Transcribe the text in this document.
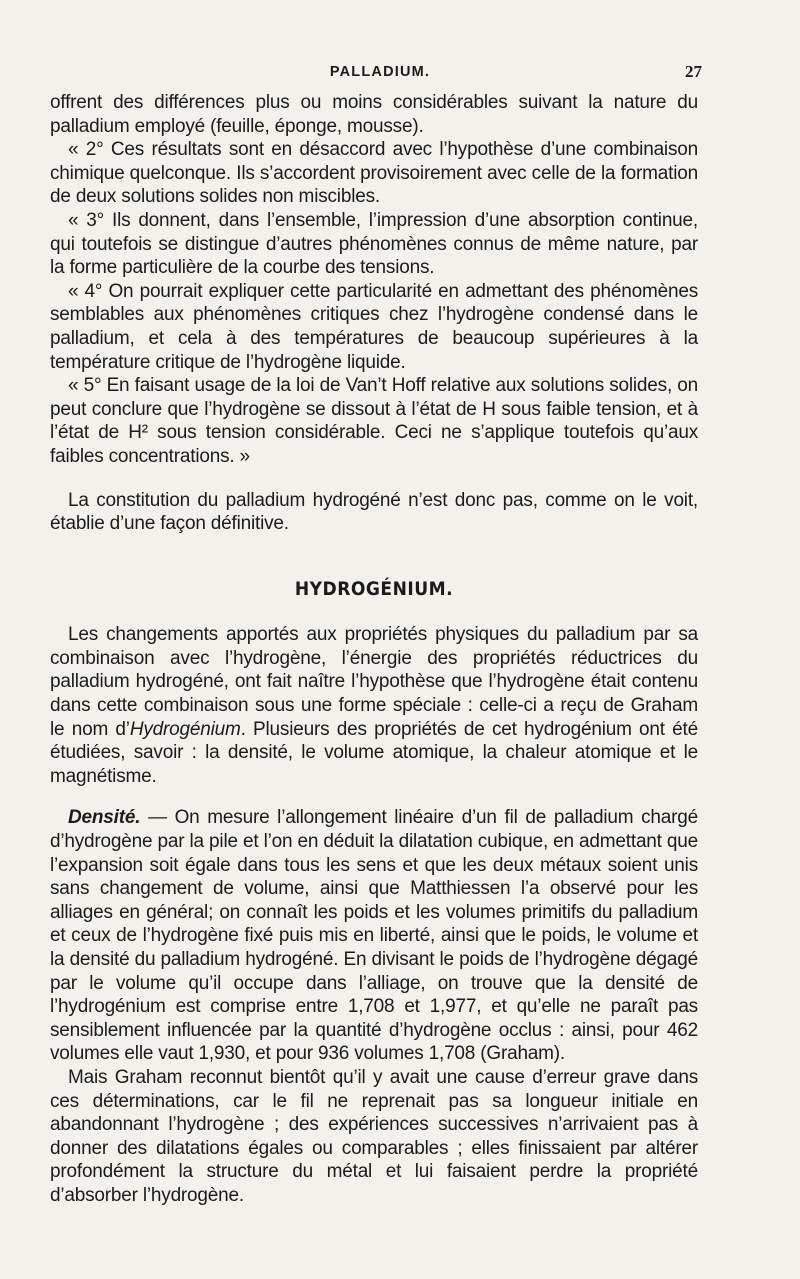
PALLADIUM.	27

offrent des différences plus ou moins considérables suivant la nature du palladium employé (feuille, éponge, mousse).

« 2° Ces résultats sont en désaccord avec l’hypothèse d’une combinaison chimique quelconque. Ils s’accordent provisoirement avec celle de la formation de deux solutions solides non miscibles.

« 3° Ils donnent, dans l’ensemble, l’impression d’une absorption continue, qui toutefois se distingue d’autres phénomènes connus de même nature, par la forme particulière de la courbe des tensions.

« 4° On pourrait expliquer cette particularité en admettant des phénomènes semblables aux phénomènes critiques chez l’hydrogène condensé dans le palladium, et cela à des températures de beaucoup supérieures à la température critique de l’hydrogène liquide.

« 5° En faisant usage de la loi de Van’t Hoff relative aux solutions solides, on peut conclure que l’hydrogène se dissout à l’état de H sous faible tension, et à l’état de H² sous tension considérable. Ceci ne s’applique toutefois qu’aux faibles concentrations. »

La constitution du palladium hydrogéné n’est donc pas, comme on le voit, établie d’une façon définitive.

HYDROGÉNIUM.

Les changements apportés aux propriétés physiques du palladium par sa combinaison avec l’hydrogène, l’énergie des propriétés réductrices du palladium hydrogéné, ont fait naître l’hypothèse que l’hydrogène était contenu dans cette combinaison sous une forme spéciale : celle-ci a reçu de Graham le nom d’Hydrogénium. Plusieurs des propriétés de cet hydrogénium ont été étudiées, savoir : la densité, le volume atomique, la chaleur atomique et le magnétisme.

Densité. — On mesure l’allongement linéaire d’un fil de palladium chargé d’hydrogène par la pile et l’on en déduit la dilatation cubique, en admettant que l’expansion soit égale dans tous les sens et que les deux métaux soient unis sans changement de volume, ainsi que Matthiessen l’a observé pour les alliages en général; on connaît les poids et les volumes primitifs du palladium et ceux de l’hydrogène fixé puis mis en liberté, ainsi que le poids, le volume et la densité du palladium hydrogéné. En divisant le poids de l’hydrogène dégagé par le volume qu’il occupe dans l’alliage, on trouve que la densité de l’hydrogénium est comprise entre 1,708 et 1,977, et qu’elle ne paraît pas sensiblement influencée par la quantité d’hydrogène occlus : ainsi, pour 462 volumes elle vaut 1,930, et pour 936 volumes 1,708 (Graham).

Mais Graham reconnut bientôt qu’il y avait une cause d’erreur grave dans ces déterminations, car le fil ne reprenait pas sa longueur initiale en abandonnant l’hydrogène ; des expériences successives n’arrivaient pas à donner des dilatations égales ou comparables ; elles finissaient par altérer profondément la structure du métal et lui faisaient perdre la propriété d’absorber l’hydrogène.
